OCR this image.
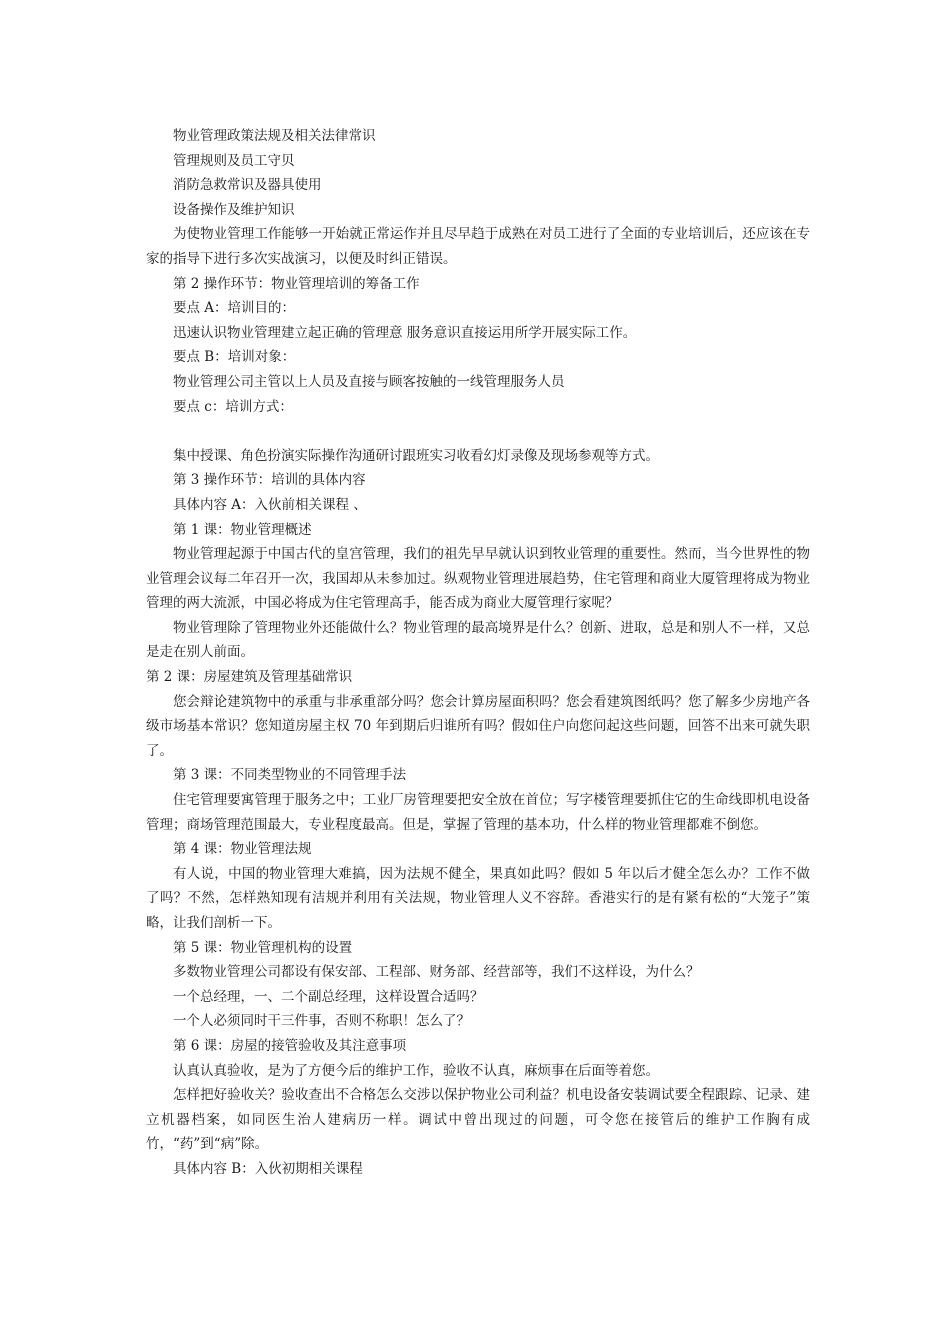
物业管理政策法规及相关法律常识

管理规则及员工守贝

消防急救常识及器具使用

设备操作及维护知识

为使物业管理工作能够一开始就正常运作并且尽早趋于成熟在对员工进行了全面的专业培训后，还应该在专家的指导下进行多次实战演习，以便及时纠正错误。

第 2 操作环节：物业管理培训的筹备工作

要点 A：培训目的：

迅速认识物业管理建立起正确的管理意 服务意识直接运用所学开展实际工作。

要点 B：培训对象：

物业管理公司主管以上人员及直接与顾客按触的一线管理服务人员

要点 c：培训方式：

集中授课、角色扮演实际操作沟通研讨跟班实习收看幻灯录像及现场参观等方式。

第 3 操作环节：培训的具体内容

具体内容 A：入伙前相关课程 、

第 1 课：物业管理概述

物业管理起源于中国古代的皇宫管理，我们的祖先早早就认识到牧业管理的重要性。然而，当今世界性的物业管理会议每二年召开一次，我国却从未参加过。纵观物业管理进展趋势，住宅管理和商业大厦管理将成为物业管理的两大流派，中国必将成为住宅管理高手，能否成为商业大厦管理行家呢？

物业管理除了管理物业外还能做什么？物业管理的最高境界是什么？创新、进取，总是和别人不一样，又总是走在别人前面。

第 2 课：房屋建筑及管理基础常识

您会辩论建筑物中的承重与非承重部分吗？您会计算房屋面积吗？您会看建筑图纸吗？您了解多少房地产各级市场基本常识？您知道房屋主权 70 年到期后归谁所有吗？假如住户向您问起这些问题，回答不出来可就失职了。

第 3 课：不同类型物业的不同管理手法

住宅管理要寓管理于服务之中；工业厂房管理要把安全放在首位；写字楼管理要抓住它的生命线即机电设备管理；商场管理范围最大，专业程度最高。但是，掌握了管理的基本功，什么样的物业管理都难不倒您。

第 4 课：物业管理法规

有人说，中国的物业管理大难搞，因为法规不健全，果真如此吗？假如 5 年以后才健全怎么办？工作不做了吗？不然，怎样熟知现有洁规并利用有关法规，物业管理人义不容辞。香港实行的是有紧有松的“大笼子”策略，让我们剖析一下。

第 5 课：物业管理机构的设置

多数物业管理公司都设有保安部、工程部、财务部、经营部等，我们不这样设，为什么？

一个总经理，一、二个副总经理，这样设置合适吗？

一个人必须同时干三件事，否则不称职！怎么了？

第 6 课：房屋的接管验收及其注意事项

认真认真验收，是为了方便今后的维护工作，验收不认真，麻烦事在后面等着您。

怎样把好验收关？验收查出不合格怎么交涉以保护物业公司利益？机电设备安装调试要全程跟踪、记录、建立机器档案，如同医生治人建病历一样。调试中曾出现过的问题，可令您在接管后的维护工作胸有成竹，“药”到“病”除。

具体内容 B：入伙初期相关课程
